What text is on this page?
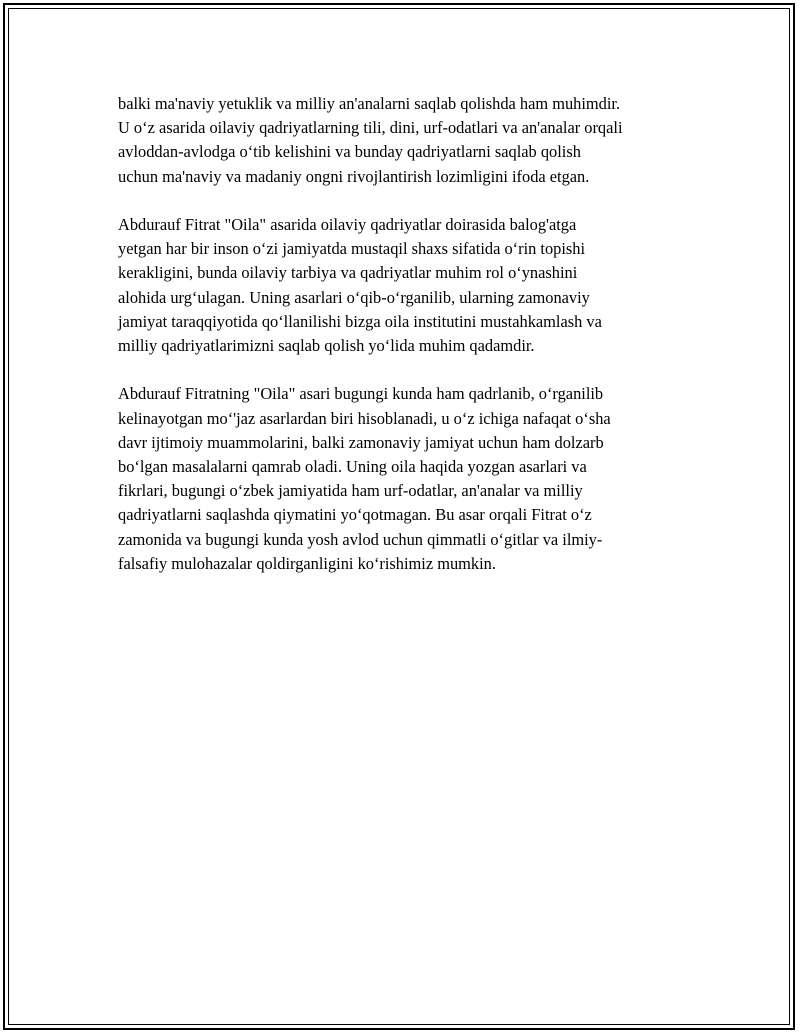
balki ma'naviy yetuklik va milliy an'analarni saqlab qolishda ham muhimdir.
U o‘z asarida oilaviy qadriyatlarning tili, dini, urf-odatlari va an'analar orqali
avloddan-avlodga o‘tib kelishini va bunday qadriyatlarni saqlab qolish
uchun ma'naviy va madaniy ongni rivojlantirish lozimligini ifoda etgan.

Abdurauf Fitrat "Oila" asarida oilaviy qadriyatlar doirasida balog'atga
yetgan har bir inson o‘zi jamiyatda mustaqil shaxs sifatida o‘rin topishi
kerakligini, bunda oilaviy tarbiya va qadriyatlar muhim rol o‘ynashini
alohida urg‘ulagan. Uning asarlari o‘qib-o‘rganilib, ularning zamonaviy
jamiyat taraqqiyotida qo‘llanilishi bizga oila institutini mustahkamlash va
milliy qadriyatlarimizni saqlab qolish yo‘lida muhim qadamdir.

Abdurauf Fitratning "Oila" asari bugungi kunda ham qadrlanib, o‘rganilib
kelinayotgan mo‘'jaz asarlardan biri hisoblanadi, u o‘z ichiga nafaqat o‘sha
davr ijtimoiy muammolarini, balki zamonaviy jamiyat uchun ham dolzarb
bo‘lgan masalalarni qamrab oladi. Uning oila haqida yozgan asarlari va
fikrlari, bugungi o‘zbek jamiyatida ham urf-odatlar, an'analar va milliy
qadriyatlarni saqlashda qiymatini yo‘qotmagan. Bu asar orqali Fitrat o‘z
zamonida va bugungi kunda yosh avlod uchun qimmatli o‘gitlar va ilmiy-
falsafiy mulohazalar qoldirganligini ko‘rishimiz mumkin.
